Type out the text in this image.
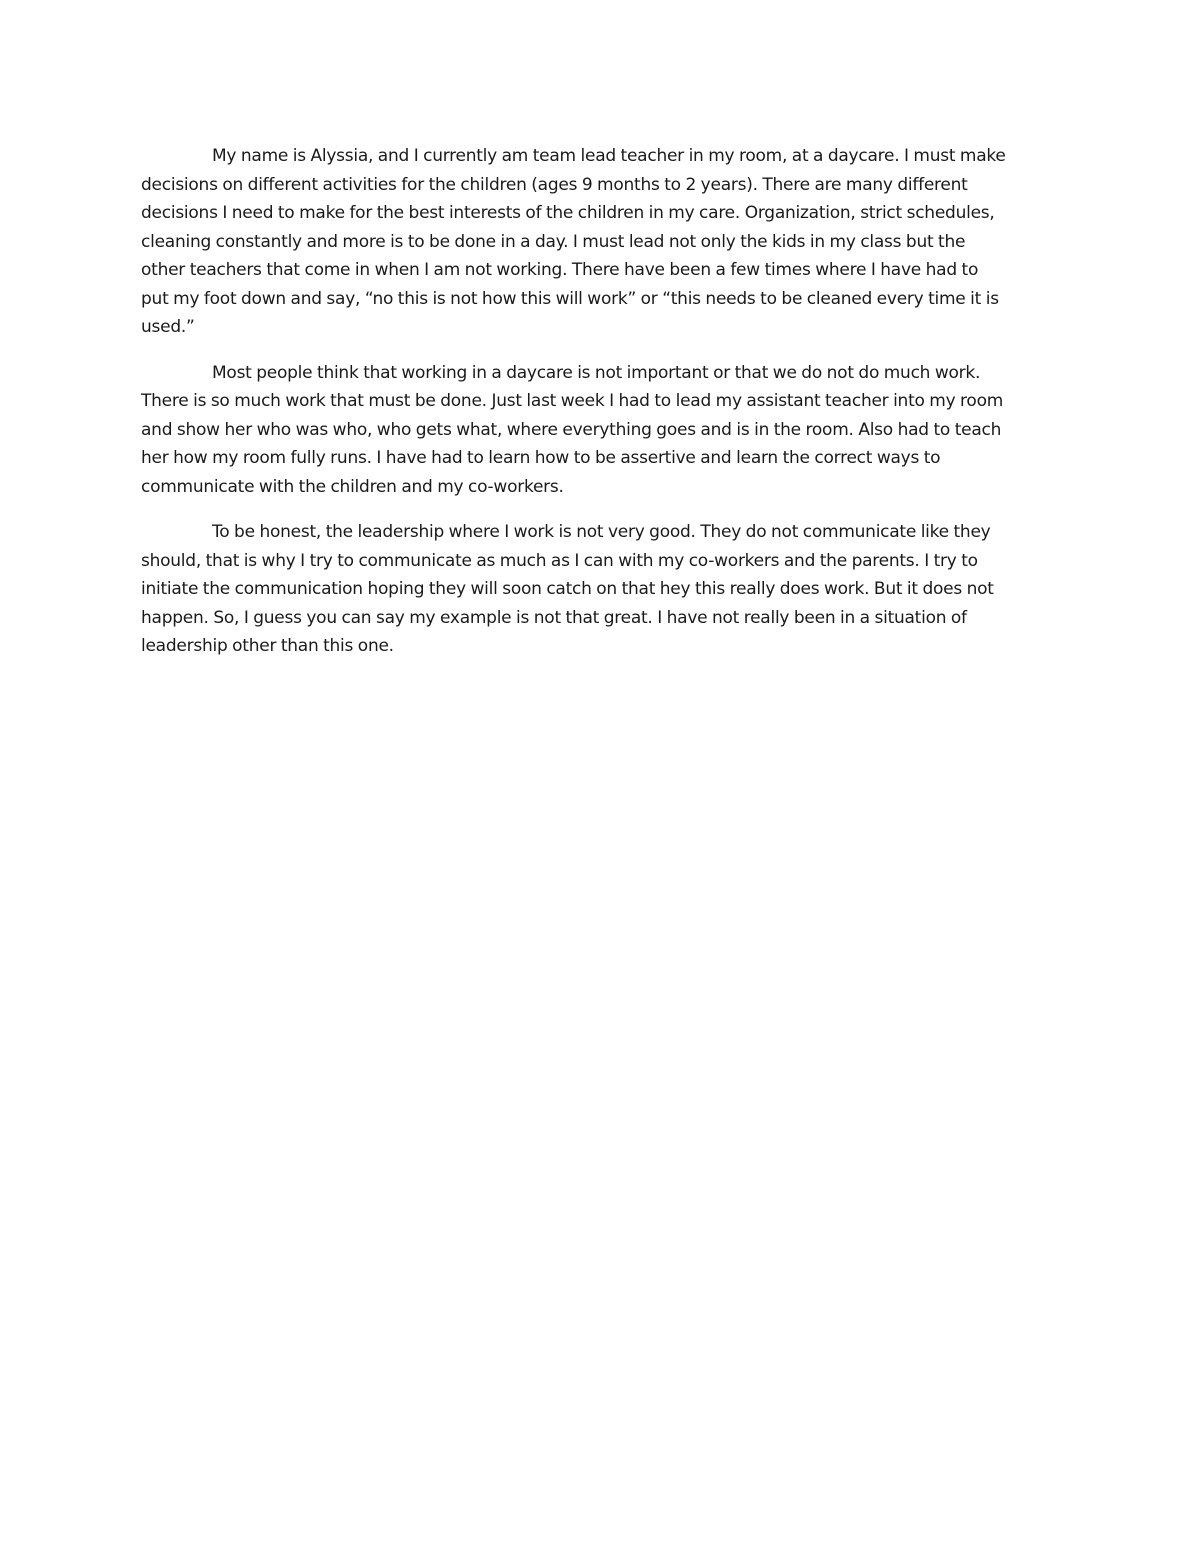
My name is Alyssia, and I currently am team lead teacher in my room, at a daycare. I must make
decisions on different activities for the children (ages 9 months to 2 years). There are many different
decisions I need to make for the best interests of the children in my care. Organization, strict schedules,
cleaning constantly and more is to be done in a day. I must lead not only the kids in my class but the
other teachers that come in when I am not working. There have been a few times where I have had to
put my foot down and say, “no this is not how this will work” or “this needs to be cleaned every time it is
used.”

Most people think that working in a daycare is not important or that we do not do much work.
There is so much work that must be done. Just last week I had to lead my assistant teacher into my room
and show her who was who, who gets what, where everything goes and is in the room. Also had to teach
her how my room fully runs. I have had to learn how to be assertive and learn the correct ways to
communicate with the children and my co-workers.

To be honest, the leadership where I work is not very good. They do not communicate like they
should, that is why I try to communicate as much as I can with my co-workers and the parents. I try to
initiate the communication hoping they will soon catch on that hey this really does work. But it does not
happen. So, I guess you can say my example is not that great. I have not really been in a situation of
leadership other than this one.
